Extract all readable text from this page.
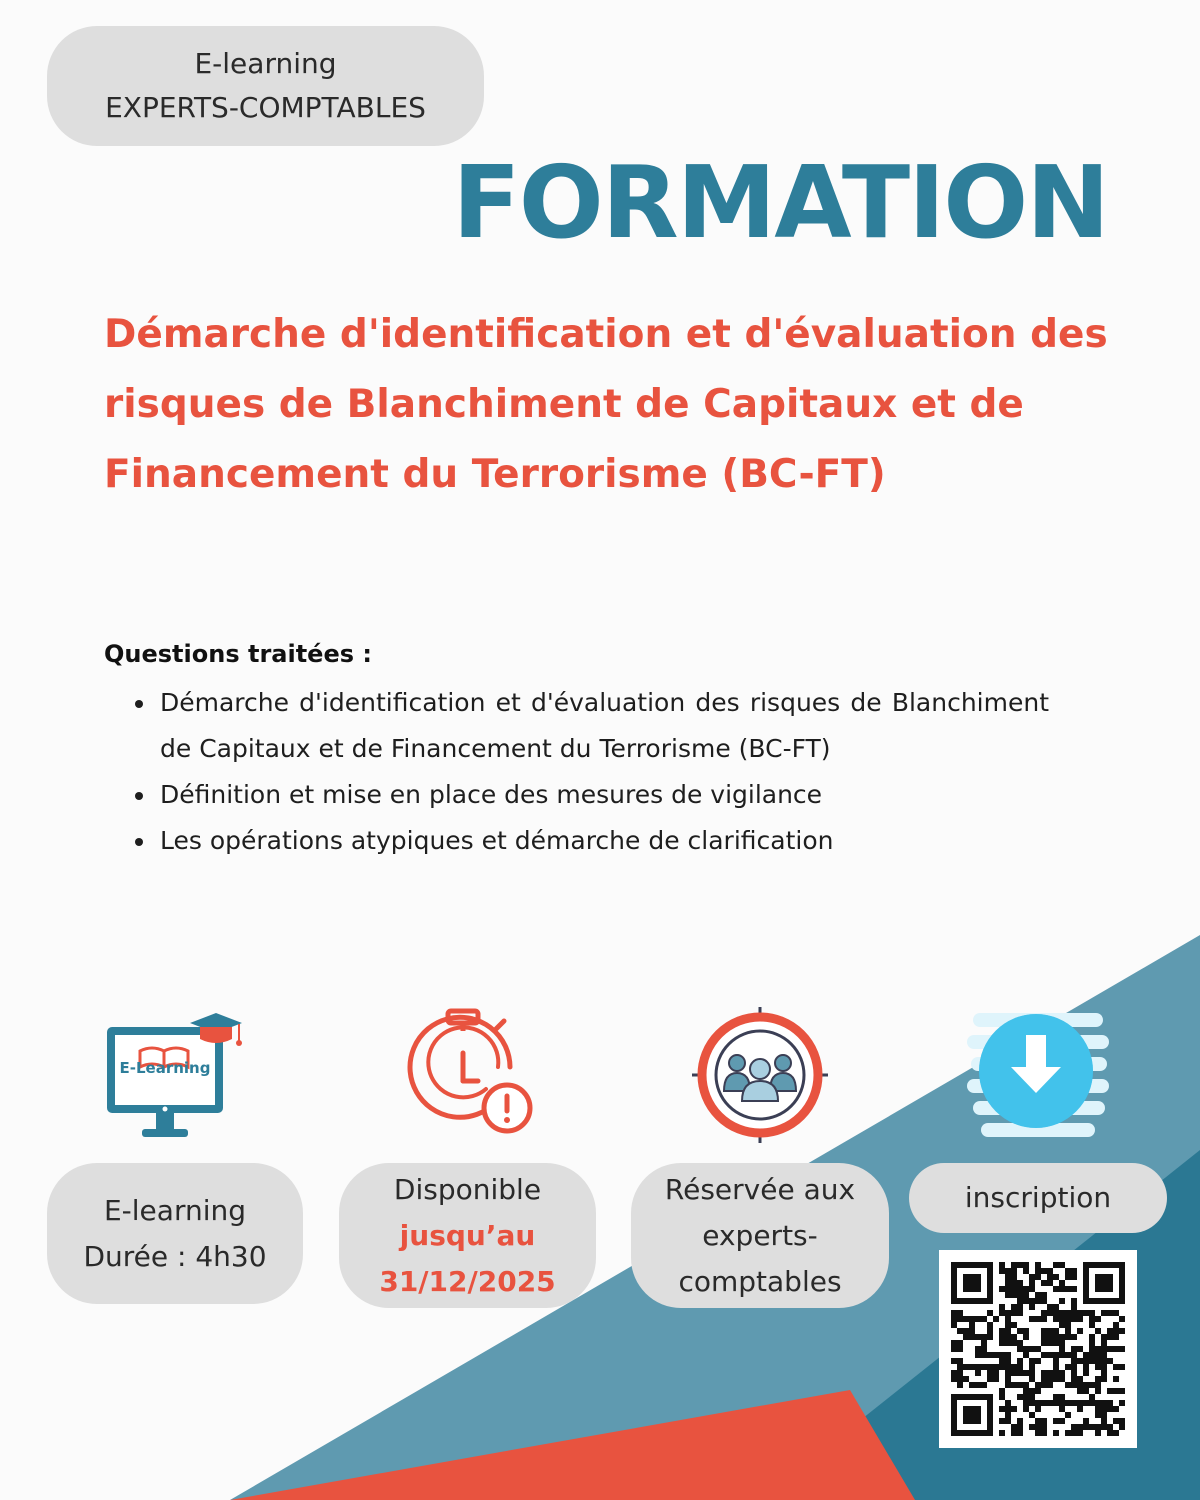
E-learning
EXPERTS-COMPTABLES
FORMATION
Démarche d'identification et d'évaluation des risques de Blanchiment de Capitaux et de Financement du Terrorisme (BC-FT)
Questions traitées :
Démarche d'identification et d'évaluation des risques de Blanchiment de Capitaux et de Financement du Terrorisme (BC-FT)
Définition et mise en place des mesures de vigilance
Les opérations atypiques et démarche de clarification
E-Learning
E-learning
Durée : 4h30
Disponible
jusqu’au
31/12/2025
Réservée aux
experts-
comptables
inscription
